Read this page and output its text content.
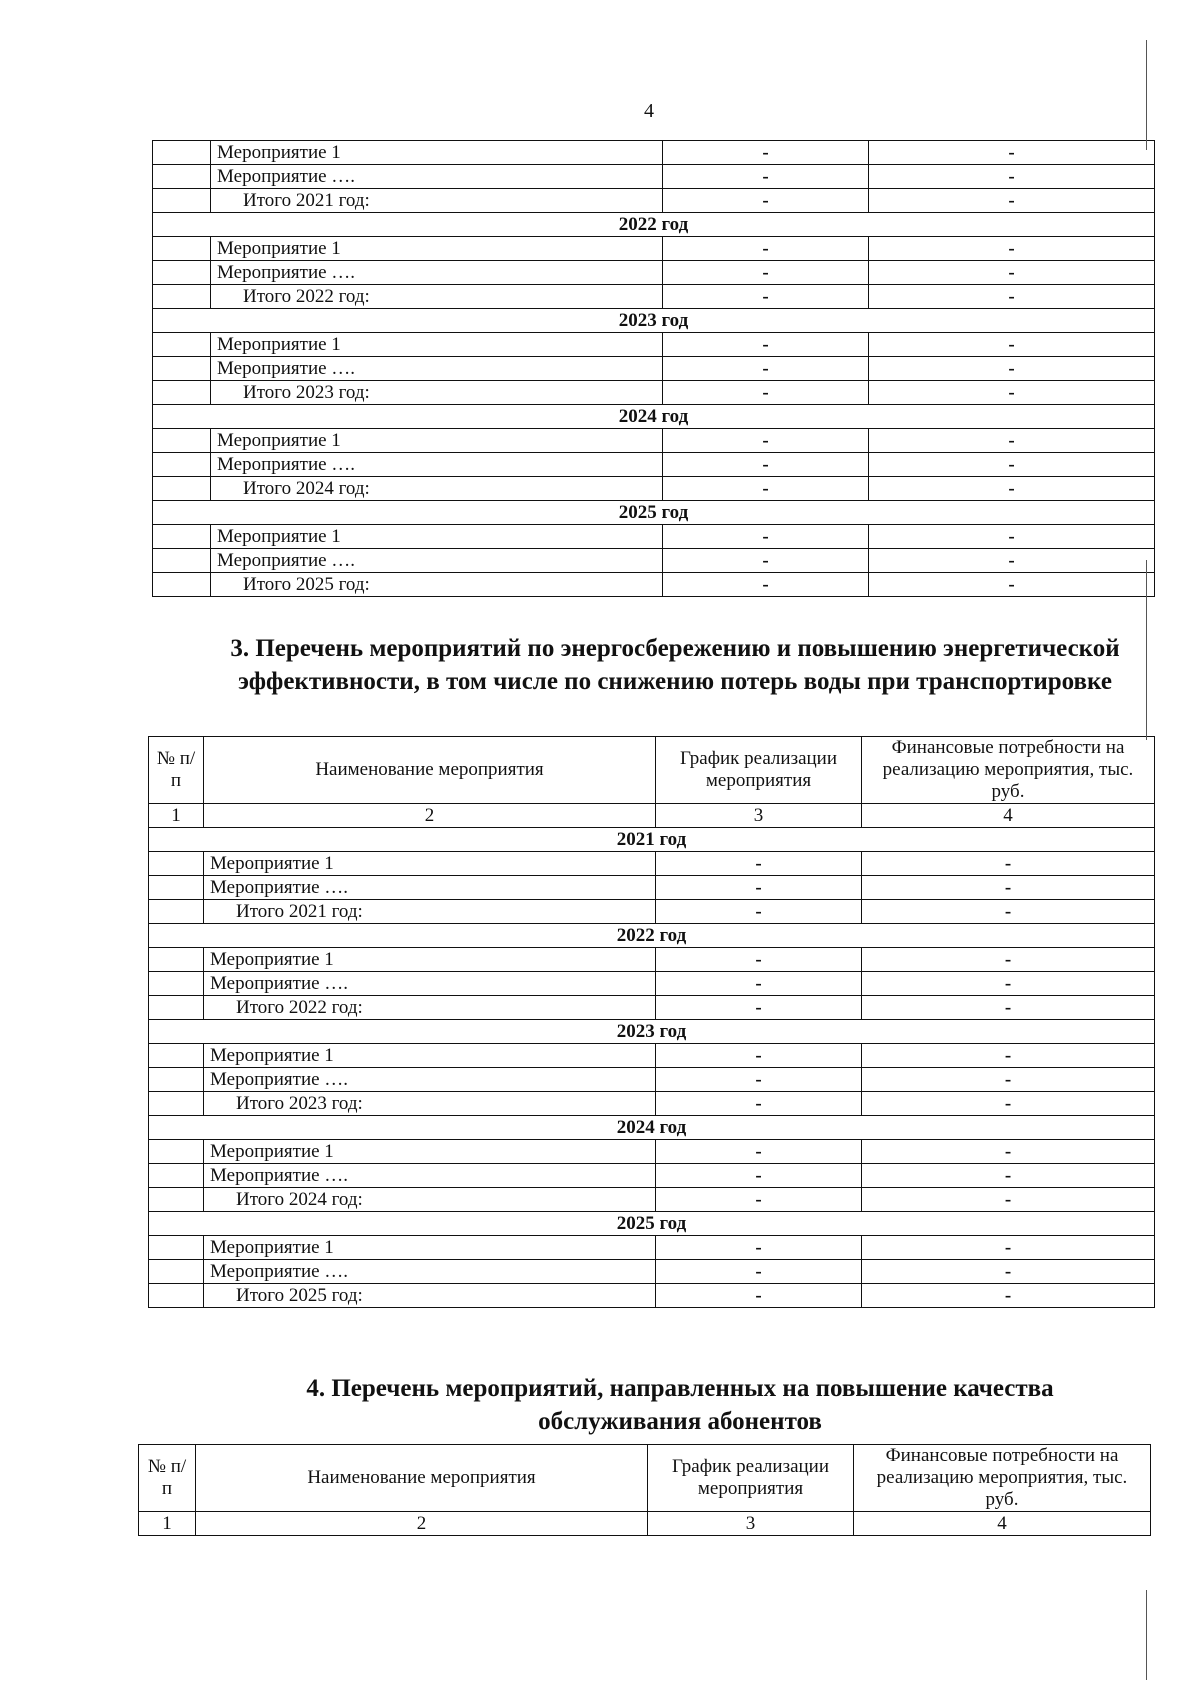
4
	Мероприятие 1	-	-
	Мероприятие ….	-	-
	Итого 2021 год:	-	-
2022 год			
	Мероприятие 1	-	-
	Мероприятие ….	-	-
	Итого 2022 год:	-	-
2023 год			
	Мероприятие 1	-	-
	Мероприятие ….	-	-
	Итого 2023 год:	-	-
2024 год			
	Мероприятие 1	-	-
	Мероприятие ….	-	-
	Итого 2024 год:	-	-
2025 год			
	Мероприятие 1	-	-
	Мероприятие ….	-	-
	Итого 2025 год:	-	-
3. Перечень мероприятий по энергосбережению и повышению энергетической эффективности, в том числе по снижению потерь воды при транспортировке
№ п/п	Наименование мероприятия	График реализации мероприятия	Финансовые потребности на реализацию мероприятия, тыс. руб.
1	2	3	4
2021 год			
	Мероприятие 1	-	-
	Мероприятие ….	-	-
	Итого 2021 год:	-	-
2022 год			
	Мероприятие 1	-	-
	Мероприятие ….	-	-
	Итого 2022 год:	-	-
2023 год			
	Мероприятие 1	-	-
	Мероприятие ….	-	-
	Итого 2023 год:	-	-
2024 год			
	Мероприятие 1	-	-
	Мероприятие ….	-	-
	Итого 2024 год:	-	-
2025 год			
	Мероприятие 1	-	-
	Мероприятие ….	-	-
	Итого 2025 год:	-	-
4. Перечень мероприятий, направленных на повышение качества обслуживания абонентов
№ п/п	Наименование мероприятия	График реализации мероприятия	Финансовые потребности на реализацию мероприятия, тыс. руб.
1	2	3	4
